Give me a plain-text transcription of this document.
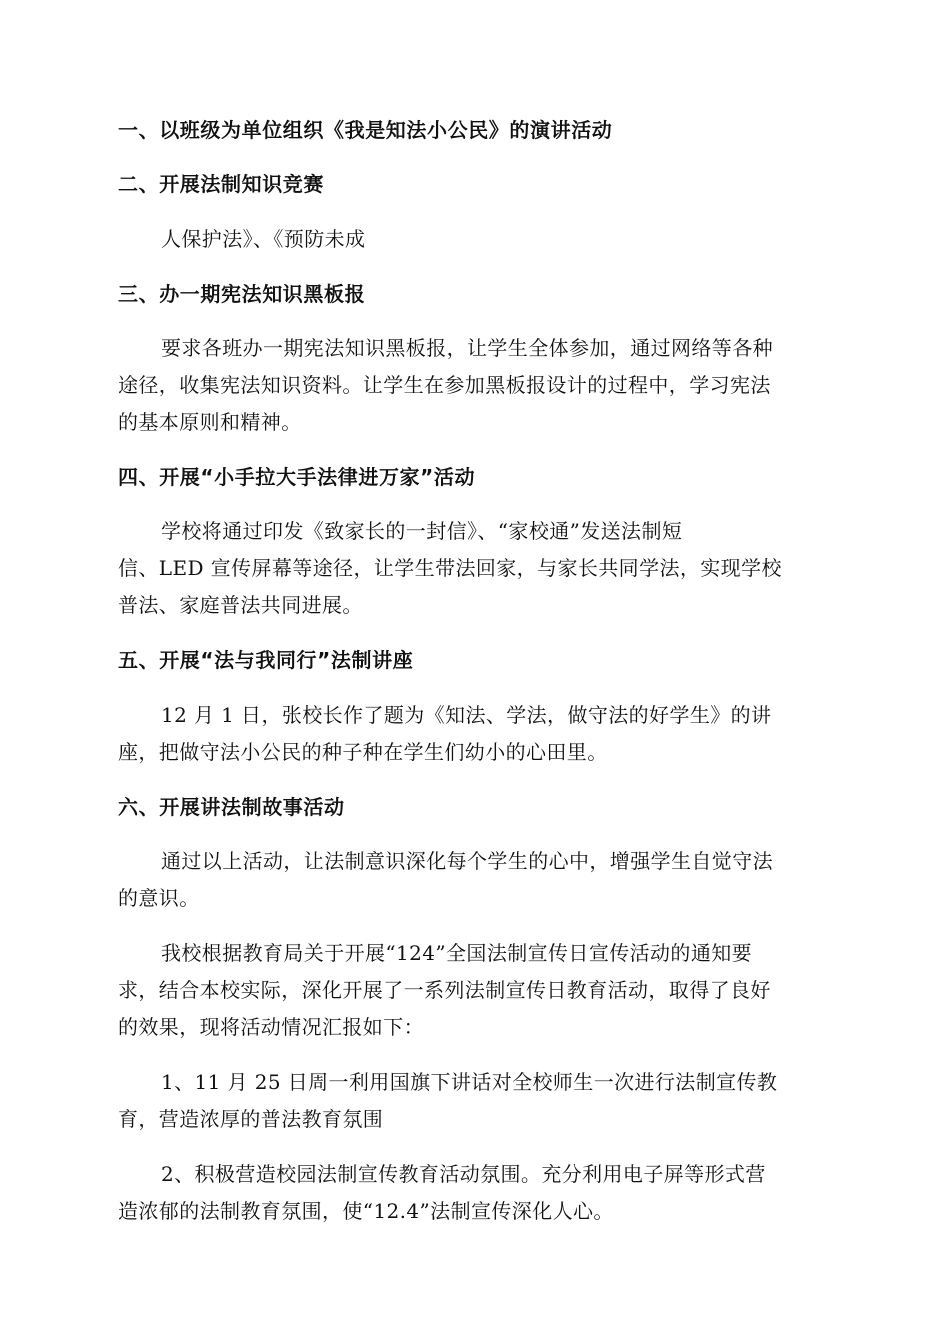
一、以班级为单位组织《我是知法小公民》的演讲活动
二、开展法制知识竞赛
人保护法》、《预防未成
三、办一期宪法知识黑板报
要求各班办一期宪法知识黑板报，让学生全体参加，通过网络等各种
途径，收集宪法知识资料。让学生在参加黑板报设计的过程中，学习宪法
的基本原则和精神。
四、开展“小手拉大手法律进万家”活动
学校将通过印发《致家长的一封信》、“家校通”发送法制短
信、LED 宣传屏幕等途径，让学生带法回家，与家长共同学法，实现学校
普法、家庭普法共同进展。
五、开展“法与我同行”法制讲座
12 月 1 日，张校长作了题为《知法、学法，做守法的好学生》的讲
座，把做守法小公民的种子种在学生们幼小的心田里。
六、开展讲法制故事活动
通过以上活动，让法制意识深化每个学生的心中，增强学生自觉守法
的意识。
我校根据教育局关于开展“124”全国法制宣传日宣传活动的通知要
求，结合本校实际，深化开展了一系列法制宣传日教育活动，取得了良好
的效果，现将活动情况汇报如下：
1、11 月 25 日周一利用国旗下讲话对全校师生一次进行法制宣传教
育，营造浓厚的普法教育氛围
2、积极营造校园法制宣传教育活动氛围。充分利用电子屏等形式营
造浓郁的法制教育氛围，使“12.4”法制宣传深化人心。
